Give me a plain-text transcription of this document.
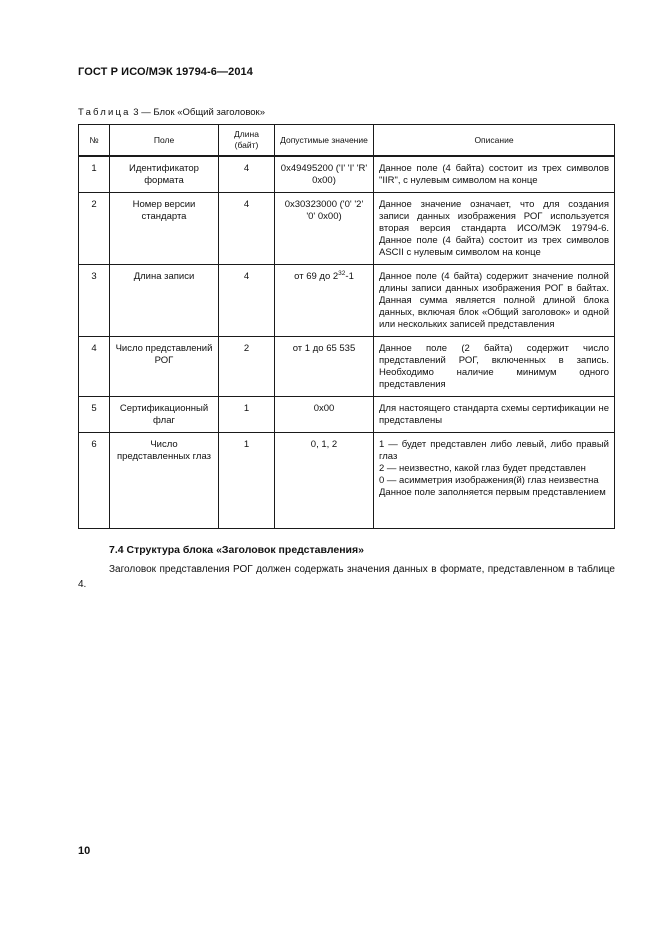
ГОСТ Р ИСО/МЭК 19794-6—2014
Таблица 3 — Блок «Общий заголовок»
№	Поле	Длина (байт)	Допустимые значение	Описание
1	Идентификатор формата	4	0x49495200 ('I' 'I' 'R' 0x00)	Данное поле (4 байта) состоит из трех символов "IIR", с нулевым символом на конце

2	Номер версии стандарта	4	0x30323000 ('0' '2' '0' 0x00)	Данное значение означает, что для создания записи данных изображения РОГ используется вторая версия стандарта ИСО/МЭК 19794-6. Данное поле (4 байта) состоит из трех символов ASCII с нулевым символом на конце

3	Длина записи	4	от 69 до $2^{32}-1$	Данное поле (4 байта) содержит значение полной длины записи данных изображения РОГ в байтах. Данная сумма является полной длиной блока данных, включая блок «Общий заголовок» и одной или нескольких записей представления

4	Число представлений РОГ	2	от 1 до 65 535	Данное поле (2 байта) содержит число представлений РОГ, включенных в запись. Необходимо наличие минимум одного представления

5	Сертификационный флаг	1	0x00	Для настоящего стандарта схемы сертификации не представлены

6	Число представленных глаз	1	0, 1, 2	1 — будет представлен либо левый, либо правый глаз

2 — неизвестно, какой глаз будет представлен

0 — асимметрия изображения(й) глаз неизвестна

Данное поле заполняется первым представлением

7.4 Структура блока «Заголовок представления»
Заголовок представления РОГ должен содержать значения данных в формате, представленном в таблице 4.
10
